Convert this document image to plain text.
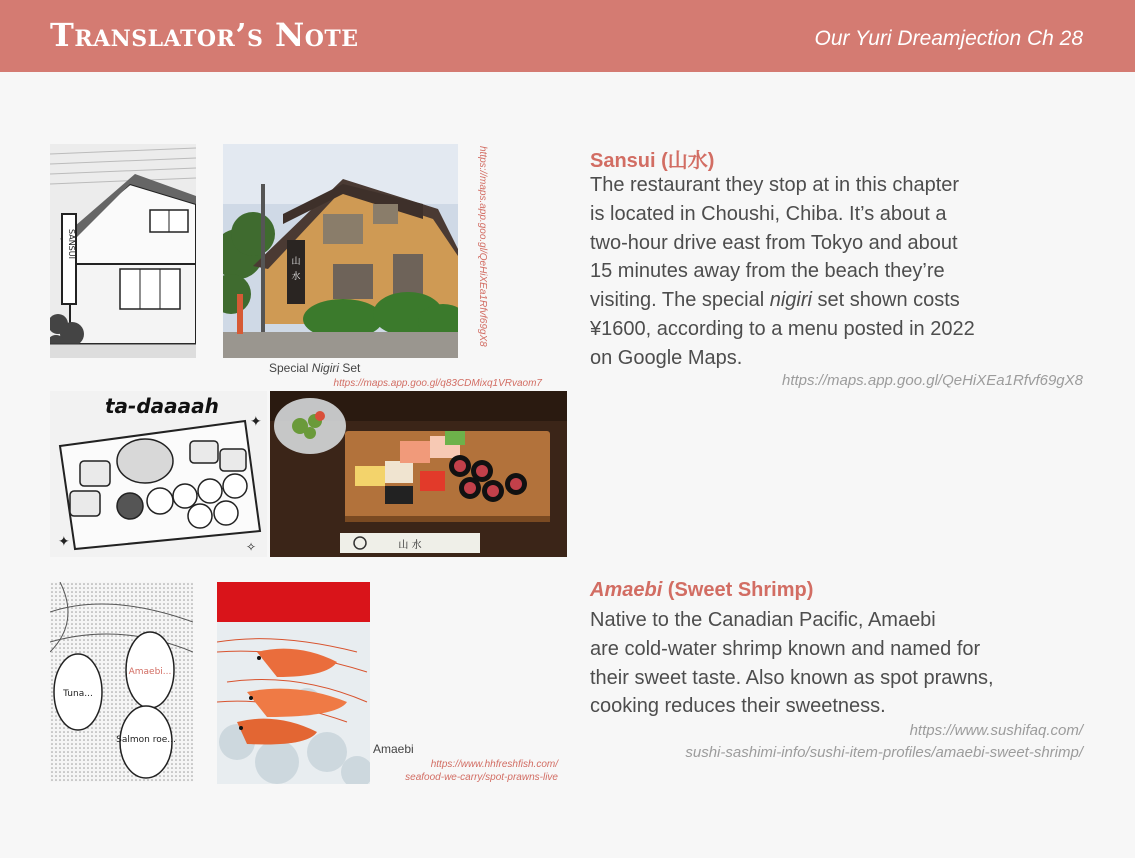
Translator’s Note	Our Yuri Dreamjection Ch 28
SANSUI
山
水	https://maps.app.goo.gl/QeHiXEa1Rfvf69gX8
Special Nigiri Set
https://maps.app.goo.gl/q83CDMixq1VRvaom7
ta-daaaah
✦
✦	✧	山 水
Sansui (山水)

The restaurant they stop at in this chapter

is located in Choushi, Chiba. It’s about a

two-hour drive east from Tokyo and about

15 minutes away from the beach they’re

visiting. The special nigiri set shown costs

¥1600, according to a menu posted in 2022

on Google Maps.

https://maps.app.goo.gl/QeHiXEa1Rfvf69gX8
Amaebi...
Tuna...
Salmon roe...
Amaebi
https://www.hhfreshfish.com/
seafood-we-carry/spot-prawns-live
Amaebi (Sweet Shrimp)

Native to the Canadian Pacific, Amaebi

are cold-water shrimp known and named for

their sweet taste. Also known as spot prawns,

cooking reduces their sweetness.

https://www.sushifaq.com/
sushi-sashimi-info/sushi-item-profiles/amaebi-sweet-shrimp/
